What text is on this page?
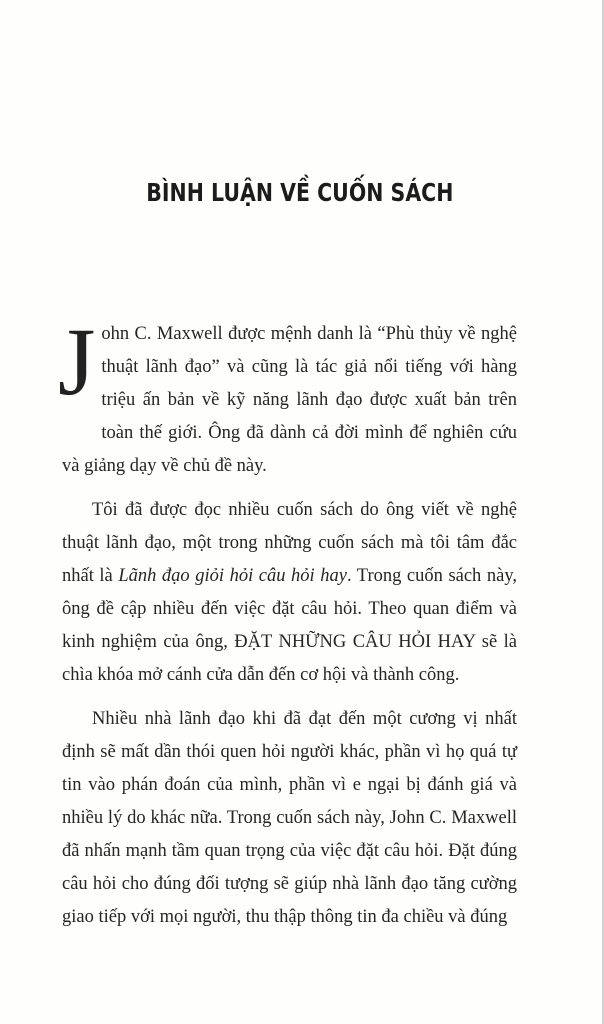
BÌNH LUẬN VỀ CUỐN SÁCH

John C. Maxwell được mệnh danh là “Phù thủy về nghệ thuật lãnh đạo” và cũng là tác giả nổi tiếng với hàng triệu ấn bản về kỹ năng lãnh đạo được xuất bản trên toàn thế giới. Ông đã dành cả đời mình để nghiên cứu và giảng dạy về chủ đề này.

Tôi đã được đọc nhiều cuốn sách do ông viết về nghệ thuật lãnh đạo, một trong những cuốn sách mà tôi tâm đắc nhất là Lãnh đạo giỏi hỏi câu hỏi hay. Trong cuốn sách này, ông đề cập nhiều đến việc đặt câu hỏi. Theo quan điểm và kinh nghiệm của ông, ĐẶT NHỮNG CÂU HỎI HAY sẽ là chìa khóa mở cánh cửa dẫn đến cơ hội và thành công.

Nhiều nhà lãnh đạo khi đã đạt đến một cương vị nhất định sẽ mất dần thói quen hỏi người khác, phần vì họ quá tự tin vào phán đoán của mình, phần vì e ngại bị đánh giá và nhiều lý do khác nữa. Trong cuốn sách này, John C. Maxwell đã nhấn mạnh tầm quan trọng của việc đặt câu hỏi. Đặt đúng câu hỏi cho đúng đối tượng sẽ giúp nhà lãnh đạo tăng cường giao tiếp với mọi người, thu thập thông tin đa chiều và đúng
